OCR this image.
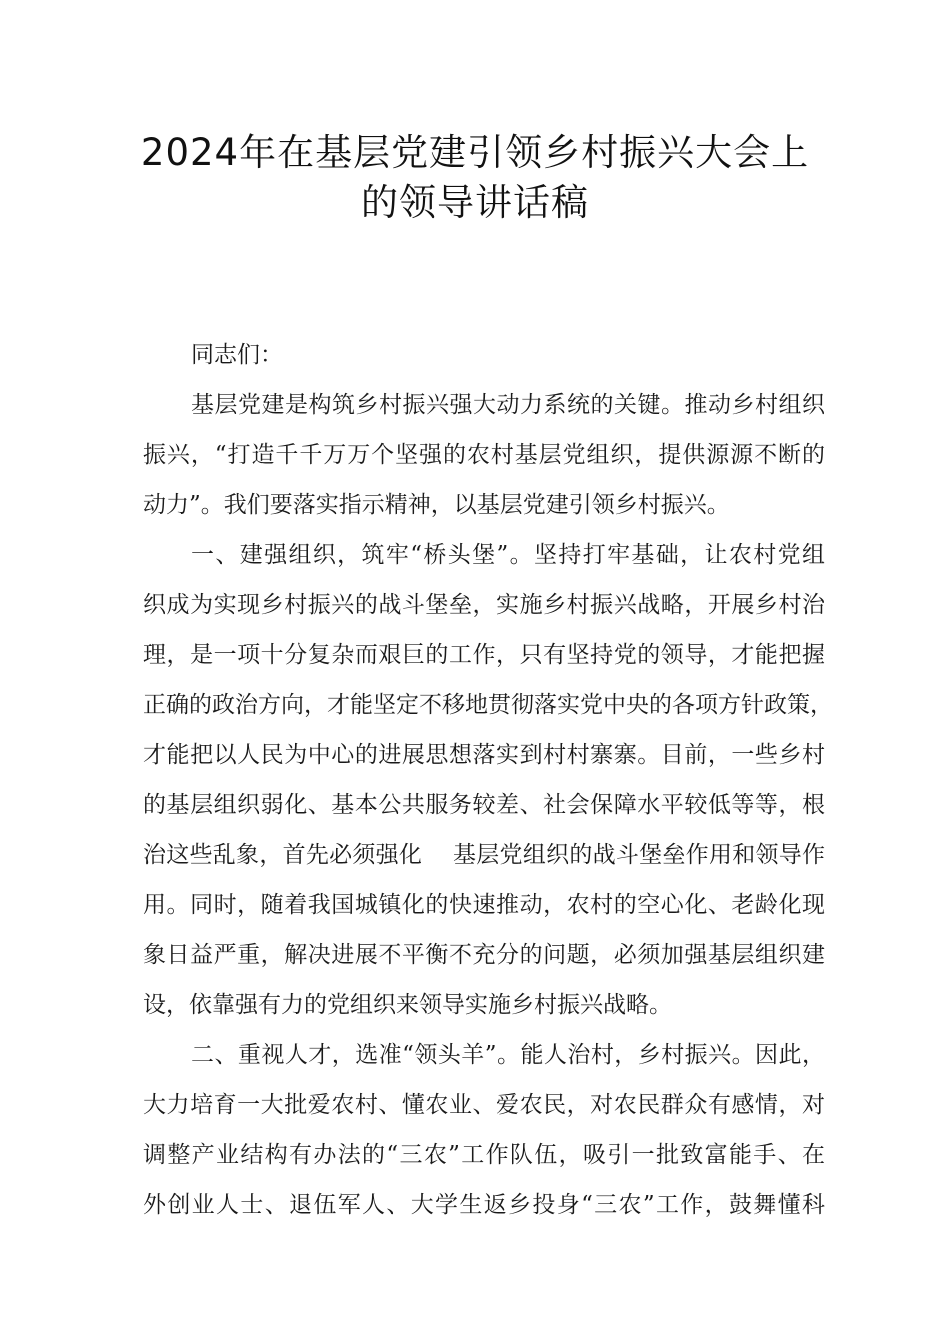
2024年在基层党建引领乡村振兴大会上
的领导讲话稿
同志们：
基层党建是构筑乡村振兴强大动力系统的关键。推动乡村组织
振兴，“打造千千万万个坚强的农村基层党组织，提供源源不断的
动力”。我们要落实指示精神，以基层党建引领乡村振兴。
一、建强组织，筑牢“桥头堡”。坚持打牢基础，让农村党组
织成为实现乡村振兴的战斗堡垒，实施乡村振兴战略，开展乡村治
理，是一项十分复杂而艰巨的工作，只有坚持党的领导，才能把握
正确的政治方向，才能坚定不移地贯彻落实党中央的各项方针政策，
才能把以人民为中心的进展思想落实到村村寨寨。目前，一些乡村
的基层组织弱化、基本公共服务较差、社会保障水平较低等等，根
治这些乱象，首先必须强化　 基层党组织的战斗堡垒作用和领导作
用。同时，随着我国城镇化的快速推动，农村的空心化、老龄化现
象日益严重，解决进展不平衡不充分的问题，必须加强基层组织建
设，依靠强有力的党组织来领导实施乡村振兴战略。
二、重视人才，选准“领头羊”。能人治村，乡村振兴。因此，
大力培育一大批爱农村、懂农业、爱农民，对农民群众有感情，对
调整产业结构有办法的“三农”工作队伍，吸引一批致富能手、在
外创业人士、退伍军人、大学生返乡投身“三农”工作，鼓舞懂科
